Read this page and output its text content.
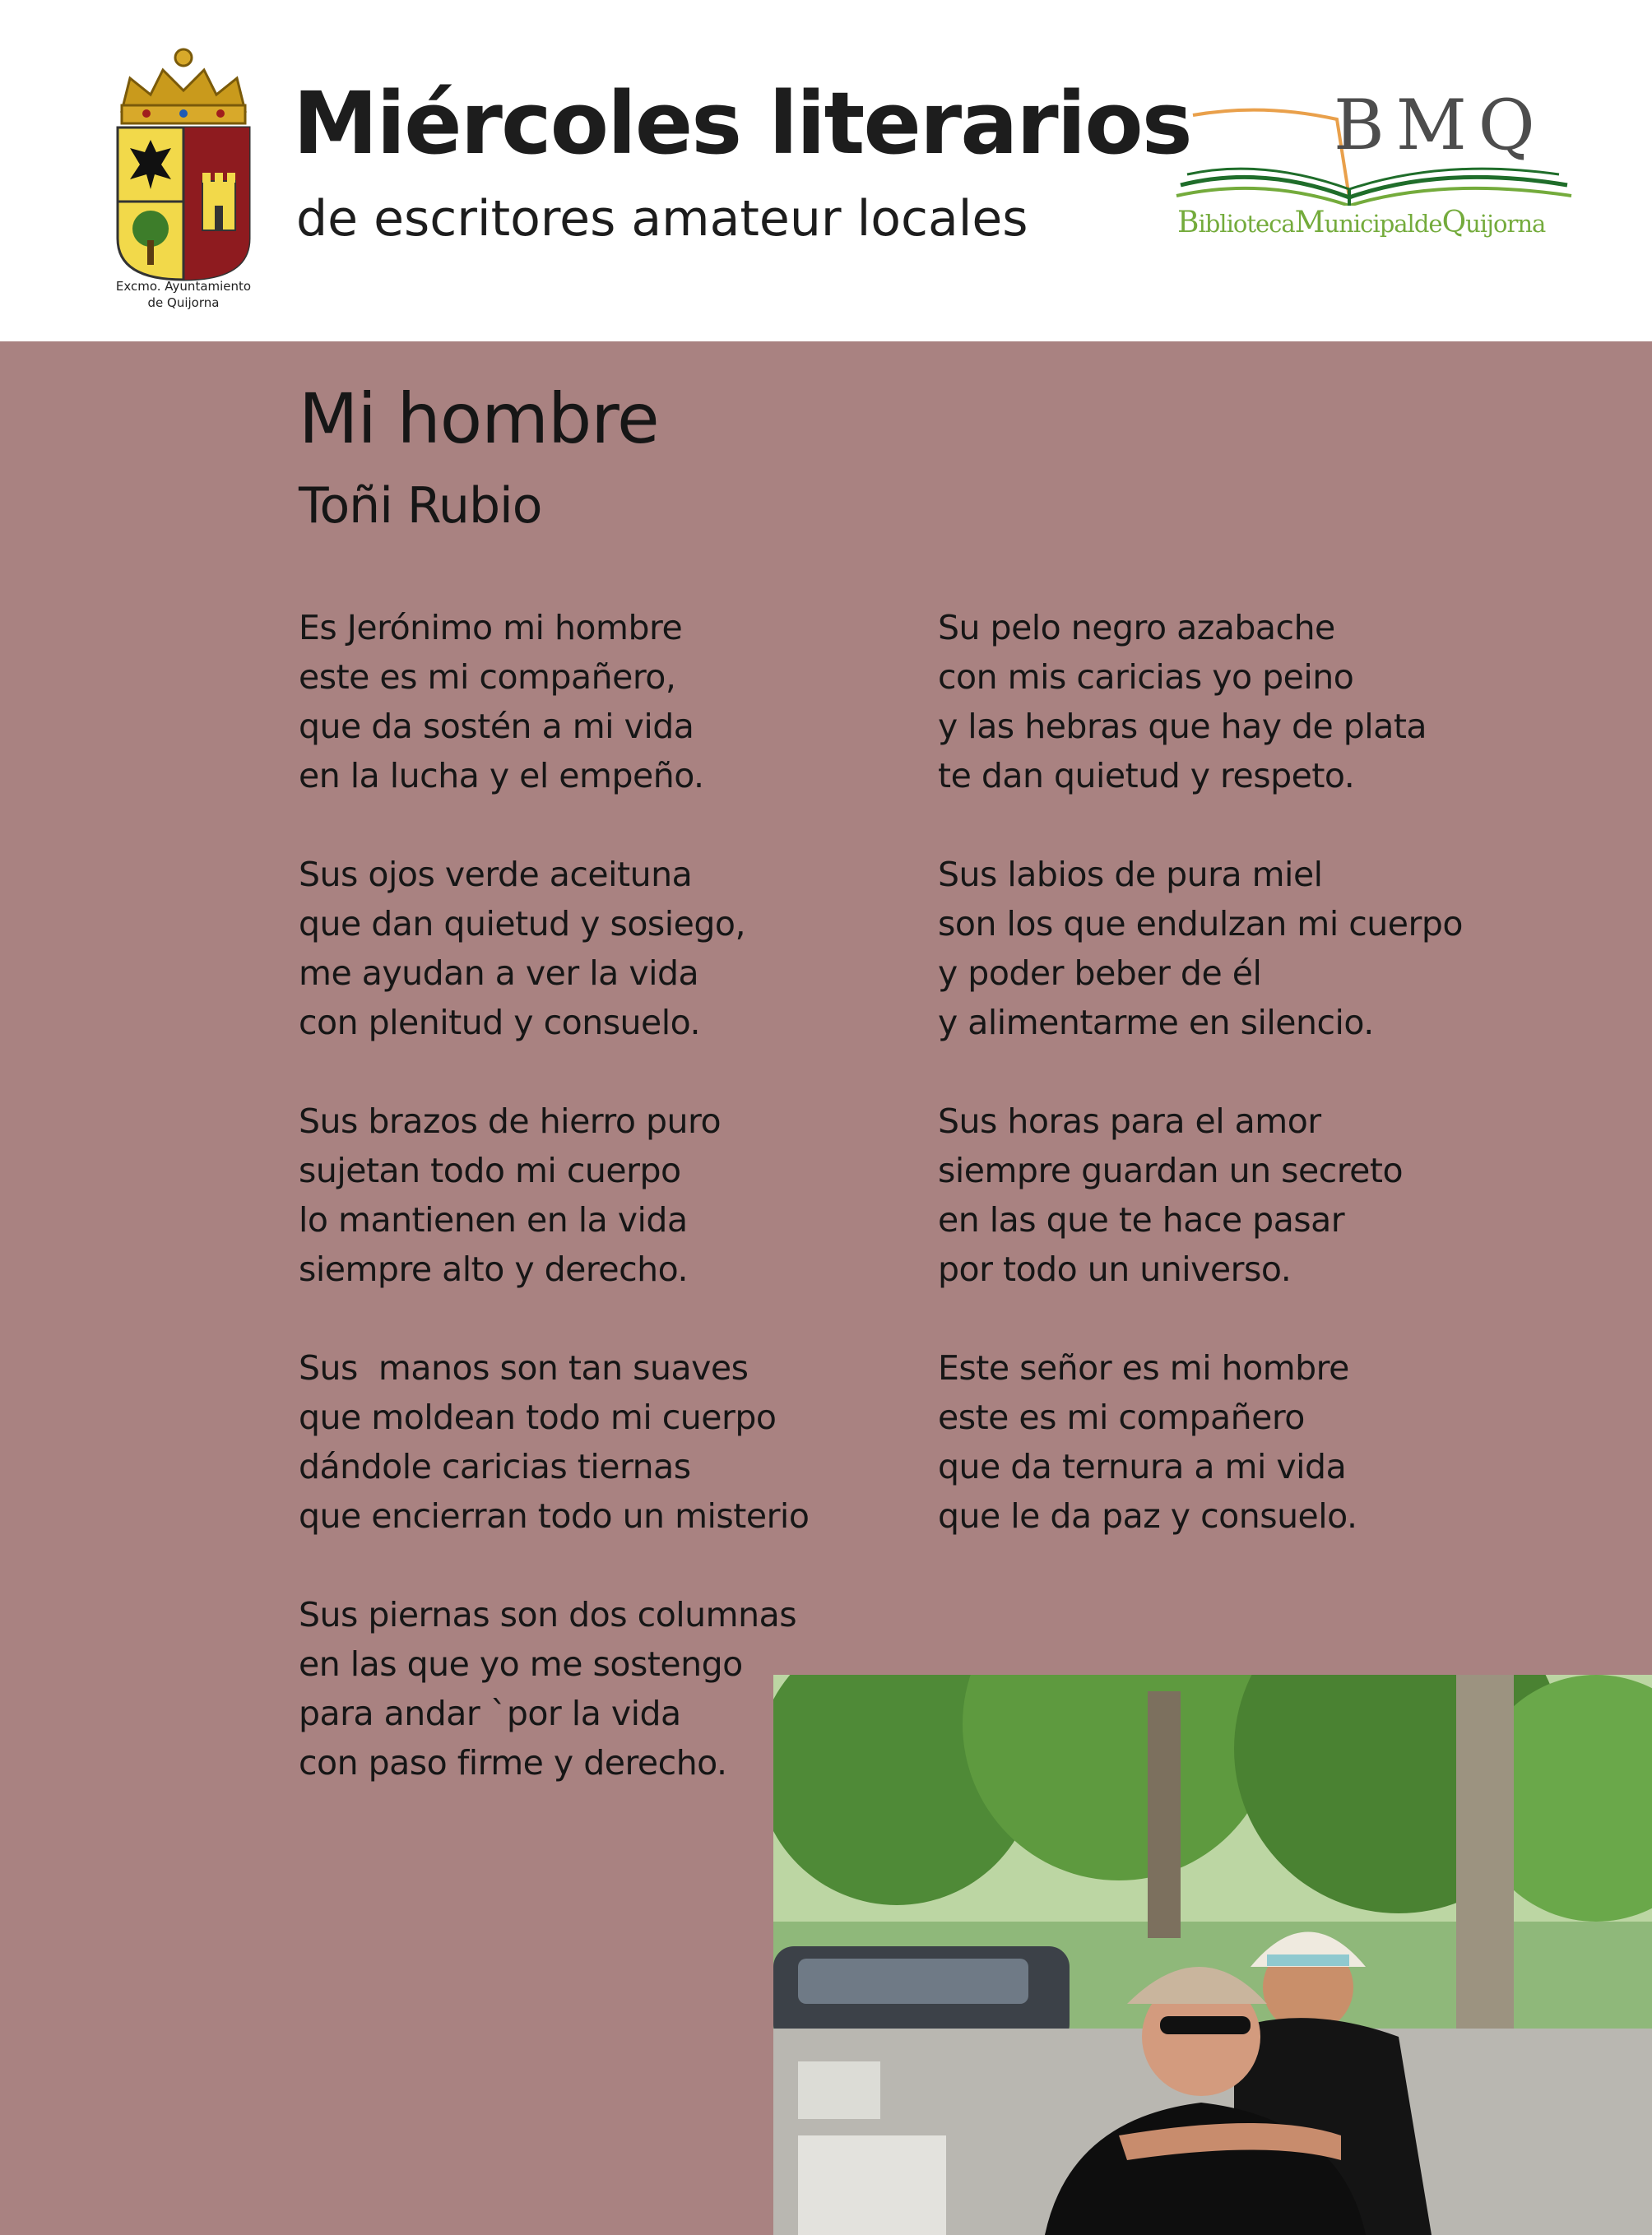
Excmo. Ayuntamiento
de Quijorna
Miércoles literarios
de escritores amateur locales
BMQ
BibliotecaMunicipaldeQuijorna
Mi hombre
Toñi Rubio

Es Jerónimo mi hombre
este es mi compañero,
que da sostén a mi vida
en la lucha y el empeño.

Sus ojos verde aceituna
que dan quietud y sosiego,
me ayudan a ver la vida
con plenitud y consuelo.

Sus brazos de hierro puro
sujetan todo mi cuerpo
lo mantienen en la vida
siempre alto y derecho.

Sus  manos son tan suaves
que moldean todo mi cuerpo
dándole caricias tiernas
que encierran todo un misterio

Sus piernas son dos columnas
en las que yo me sostengo
para andar `por la vida
con paso firme y derecho.

Su pelo negro azabache
con mis caricias yo peino
y las hebras que hay de plata
te dan quietud y respeto.

Sus labios de pura miel
son los que endulzan mi cuerpo
y poder beber de él
y alimentarme en silencio.

Sus horas para el amor
siempre guardan un secreto
en las que te hace pasar
por todo un universo.

Este señor es mi hombre
este es mi compañero
que da ternura a mi vida
que le da paz y consuelo.
